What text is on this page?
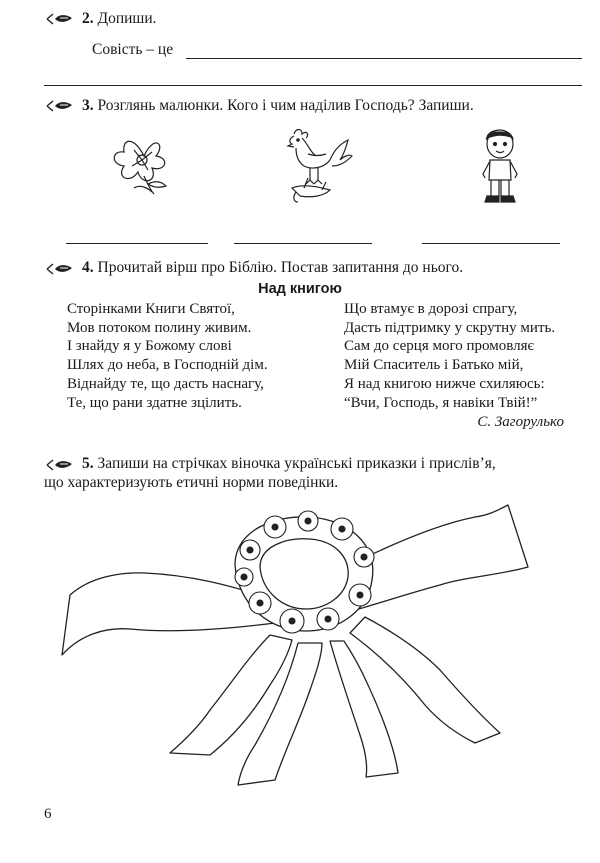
2. Допиши.
Совість – це
3. Розглянь малюнки. Кого і чим наділив Господь? Запиши.
4. Прочитай вірш про Біблію. Постав запитання до нього.
Над книгою
Сторінками Книги Святої,
Мов потоком полину живим.
І знайду я у Божому слові
Шлях до неба, в Господній дім.
Віднайду те, що дасть наснагу,
Те, що рани здатне зцілить.
Що втамує в дорозі спрагу,
Дасть підтримку у скрутну мить.
Сам до серця мого промовляє
Мій Спаситель і Батько мій,
Я над книгою нижче схиляюсь:
“Вчи, Господь, я навіки Твій!”
С. Загорулько
5. Запиши на стрічках віночка українські приказки і прислів’я,
що характеризують етичні норми поведінки.
6
